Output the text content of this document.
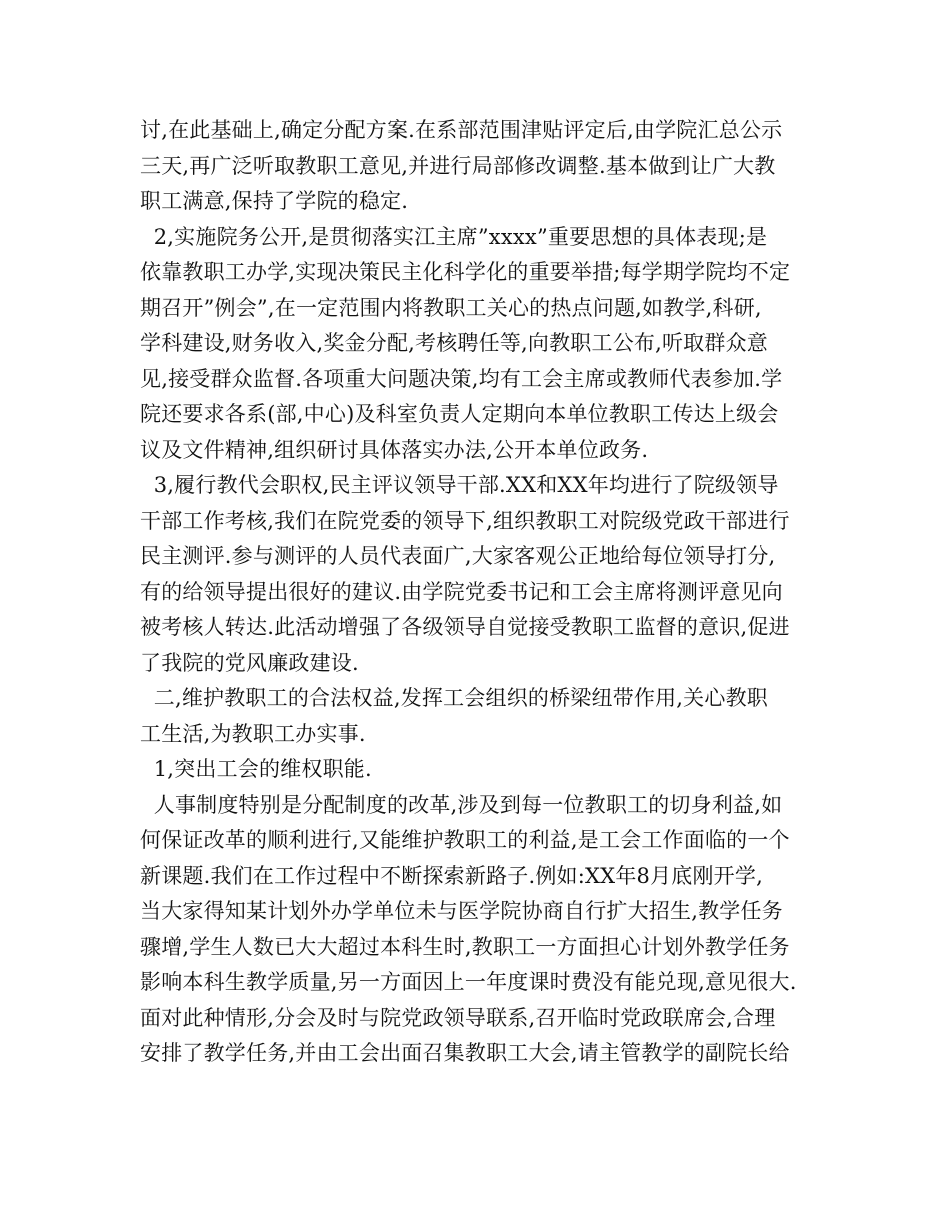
讨,在此基础上,确定分配方案.在系部范围津贴评定后,由学院汇总公示
三天,再广泛听取教职工意见,并进行局部修改调整.基本做到让广大教
职工满意,保持了学院的稳定.
2,实施院务公开,是贯彻落实江主席”xxxx”重要思想的具体表现;是
依靠教职工办学,实现决策民主化科学化的重要举措;每学期学院均不定
期召开”例会”,在一定范围内将教职工关心的热点问题,如教学,科研,
学科建设,财务收入,奖金分配,考核聘任等,向教职工公布,听取群众意
见,接受群众监督.各项重大问题决策,均有工会主席或教师代表参加.学
院还要求各系(部,中心)及科室负责人定期向本单位教职工传达上级会
议及文件精神,组织研讨具体落实办法,公开本单位政务.
3,履行教代会职权,民主评议领导干部.XX和XX年均进行了院级领导
干部工作考核,我们在院党委的领导下,组织教职工对院级党政干部进行
民主测评.参与测评的人员代表面广,大家客观公正地给每位领导打分,
有的给领导提出很好的建议.由学院党委书记和工会主席将测评意见向
被考核人转达.此活动增强了各级领导自觉接受教职工监督的意识,促进
了我院的党风廉政建设.
二,维护教职工的合法权益,发挥工会组织的桥梁纽带作用,关心教职
工生活,为教职工办实事.
1,突出工会的维权职能.
人事制度特别是分配制度的改革,涉及到每一位教职工的切身利益,如
何保证改革的顺利进行,又能维护教职工的利益,是工会工作面临的一个
新课题.我们在工作过程中不断探索新路子.例如:XX年8月底刚开学,
当大家得知某计划外办学单位未与医学院协商自行扩大招生,教学任务
骤增,学生人数已大大超过本科生时,教职工一方面担心计划外教学任务
影响本科生教学质量,另一方面因上一年度课时费没有能兑现,意见很大.
面对此种情形,分会及时与院党政领导联系,召开临时党政联席会,合理
安排了教学任务,并由工会出面召集教职工大会,请主管教学的副院长给
